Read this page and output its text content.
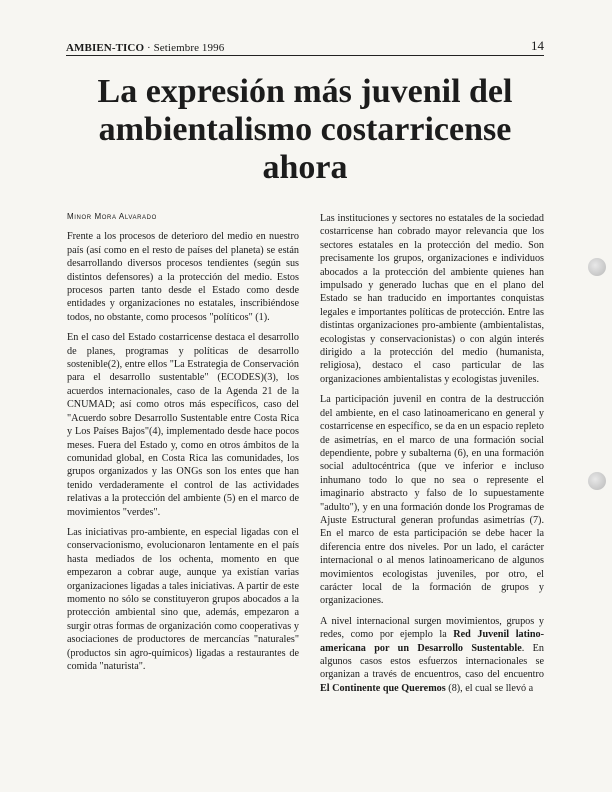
AMBIEN-TICO · Setiembre 1996	14
La expresión más juvenil del ambientalismo costarricense ahora

Minor Mora Alvarado

Frente a los procesos de deterioro del medio en nuestro país (así como en el resto de países del planeta) se están desarrollando diversos procesos tendientes (según sus distintos defensores) a la protección del medio. Estos procesos parten tanto desde el Estado como desde entidades y organizaciones no estatales, inscribiéndose todos, no obstante, como procesos "políticos" (1).

En el caso del Estado costarricense destaca el desarrollo de planes, programas y políticas de desarrollo sostenible(2), entre ellos "La Estrategia de Conservación para el desarrollo sustentable" (ECODES)(3), los acuerdos internacionales, caso de la Agenda 21 de la CNUMAD; así como otros más específicos, caso del "Acuerdo sobre Desarrollo Sustentable entre Costa Rica y Los Países Bajos"(4), implementado desde hace pocos meses. Fuera del Estado y, como en otros ámbitos de la comunidad global, en Costa Rica las comunidades, los grupos organizados y las ONGs son los entes que han tenido verdaderamente el control de las actividades relativas a la protección del ambiente (5) en el marco de movimientos "verdes".

Las iniciativas pro-ambiente, en especial ligadas con el conservacionismo, evolucionaron lentamente en el país hasta mediados de los ochenta, momento en que empezaron a cobrar auge, aunque ya existían varias organizaciones ligadas a tales iniciativas. A partir de este momento no sólo se constituyeron grupos abocados a la protección ambiental sino que, además, empezaron a surgir otras formas de organización como cooperativas y asociaciones de productores de mercancías "naturales" (productos sin agro-químicos) ligadas a restaurantes de comida "naturista".

Las instituciones y sectores no estatales de la sociedad costarricense han cobrado mayor relevancia que los sectores estatales en la protección del medio. Son precisamente los grupos, organizaciones e individuos abocados a la protección del ambiente quienes han impulsado y generado luchas que en el plano del Estado se han traducido en importantes conquistas legales e importantes políticas de protección. Entre las distintas organizaciones pro-ambiente (ambientalistas, ecologistas y conservacionistas) o con algún interés dirigido a la protección del medio (humanista, religiosa), destaco el caso particular de las organizaciones ambientalistas y ecologistas juveniles.

La participación juvenil en contra de la destrucción del ambiente, en el caso latinoamericano en general y costarricense en específico, se da en un espacio repleto de asimetrías, en el marco de una formación social dependiente, pobre y subalterna (6), en una formación social adultocéntrica (que ve inferior e incluso inhumano todo lo que no sea o represente el imaginario abstracto y falso de lo supuestamente "adulto"), y en una formación donde los Programas de Ajuste Estructural generan profundas asimetrías (7). En el marco de esta participación se debe hacer la diferencia entre dos niveles. Por un lado, el carácter internacional o al menos latinoamericano de algunos movimientos ecologistas juveniles, por otro, el carácter local de la formación de grupos y organizaciones.

A nivel internacional surgen movimientos, grupos y redes, como por ejemplo la Red Juvenil latino-americana por un Desarrollo Sustentable. En algunos casos estos esfuerzos internacionales se organizan a través de encuentros, caso del encuentro El Continente que Queremos (8), el cual se llevó a
